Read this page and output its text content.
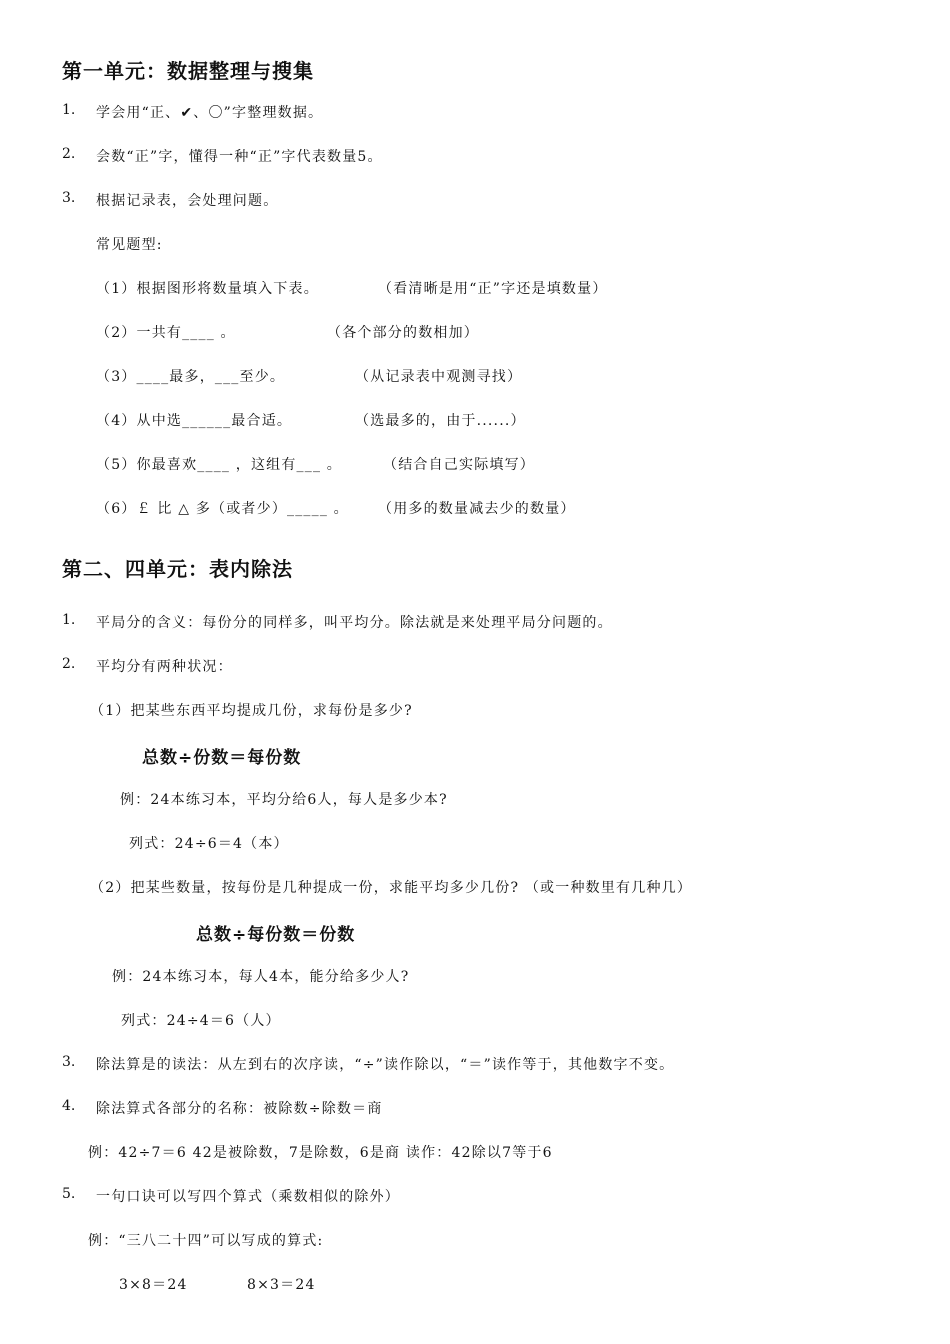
第一单元：数据整理与搜集
1. 学会用“正、✔、〇”字整理数据。
2. 会数“正”字，懂得一种“正”字代表数量5。
3. 根据记录表，会处理问题。
常见题型:
（1）根据图形将数量填入下表。	（看清晰是用“正”字还是填数量）
（2）一共有____ 。	（各个部分的数相加）
（3）____最多，___至少。	（从记录表中观测寻找）
（4）从中选______最合适。	（选最多的，由于......）
（5）你最喜欢____ ，这组有___ 。	（结合自己实际填写）
（6）￡ 比 △ 多（或者少）_____ 。 （用多的数量减去少的数量）
第二、四单元：表内除法
1. 平局分的含义：每份分的同样多，叫平均分。除法就是来处理平局分问题的。
2. 平均分有两种状况：
（1）把某些东西平均提成几份，求每份是多少?
总数÷份数＝每份数
例：24本练习本，平均分给6人，每人是多少本?
列式：24÷6＝4（本）
（2）把某些数量，按每份是几种提成一份，求能平均多少几份? （或一种数里有几种几）
总数÷每份数＝份数
例：24本练习本，每人4本，能分给多少人?
列式：24÷4＝6（人）
3. 除法算是的读法：从左到右的次序读，“÷”读作除以，“＝”读作等于，其他数字不变。
4. 除法算式各部分的名称：被除数÷除数＝商
例：42÷7＝6 42是被除数，7是除数，6是商 读作：42除以7等于6
5. 一句口诀可以写四个算式（乘数相似的除外）
例：“三八二十四”可以写成的算式:
3×8＝24	8×3＝24
